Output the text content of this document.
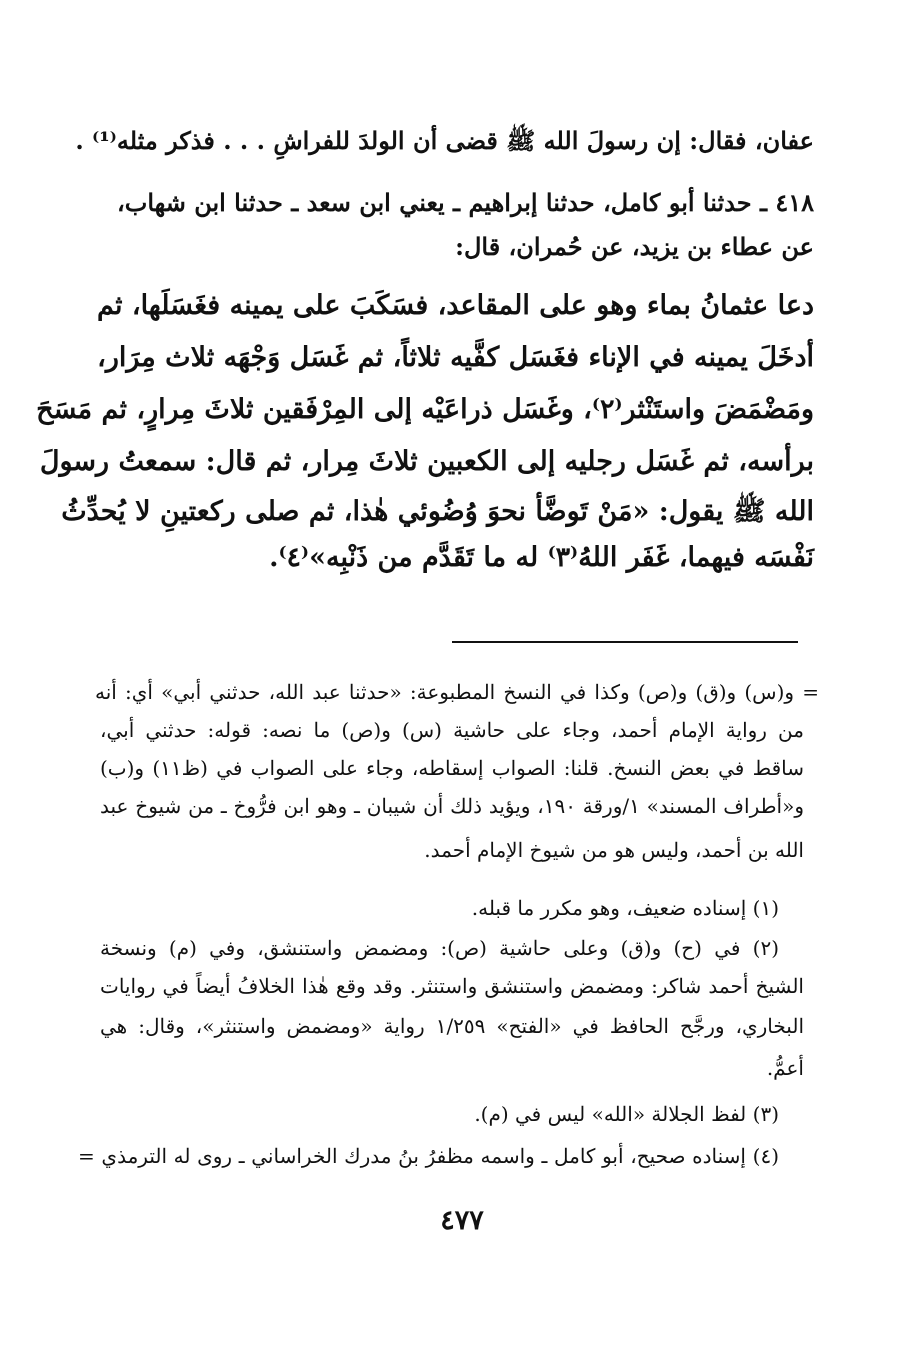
عفان، فقال: إن رسولَ الله ﷺ قضى أن الولدَ للفراشِ . . . فذكر مثله⁽¹⁾ .

٤١٨ ـ حدثنا أبو كامل، حدثنا إبراهيم ـ يعني ابن سعد ـ حدثنا ابن شهاب،

عن عطاء بن يزيد، عن حُمران، قال:

دعا عثمانُ بماء وهو على المقاعد، فسَكَبَ على يمينه فغَسَلَها، ثم

أدخَلَ يمينه في الإناء فغَسَل كفَّيه ثلاثاً، ثم غَسَل وَجْهَه ثلاث مِرَار،

ومَضْمَضَ واستَنْثر⁽٢⁾، وغَسَل ذراعَيْه إلى المِرْفَقين ثلاثَ مِرارٍ، ثم مَسَحَ

برأسه، ثم غَسَل رجليه إلى الكعبين ثلاثَ مِرار، ثم قال: سمعتُ رسولَ

الله ﷺ يقول: «مَنْ تَوضَّأ نحوَ وُضُوئي هٰذا، ثم صلى ركعتينِ لا يُحدِّثُ

نَفْسَه فيهما، غَفَر اللهُ⁽٣⁾ له ما تَقَدَّم من ذَنْبِه»⁽٤⁾.

= و(س) و(ق) و(ص) وكذا في النسخ المطبوعة: «حدثنا عبد الله، حدثني أبي» أي: أنه

من رواية الإمام أحمد، وجاء على حاشية (س) و(ص) ما نصه: قوله: حدثني أبي،

ساقط في بعض النسخ. قلنا: الصواب إسقاطه، وجاء على الصواب في (ظ١١) و(ب)

و«أطراف المسند» ١/ورقة ١٩٠، ويؤيد ذلك أن شيبان ـ وهو ابن فرُّوخ ـ من شيوخ عبد

الله بن أحمد، وليس هو من شيوخ الإمام أحمد.

(١) إسناده ضعيف، وهو مكرر ما قبله.

(٢) في (ح) و(ق) وعلى حاشية (ص): ومضمض واستنشق، وفي (م) ونسخة

الشيخ أحمد شاكر: ومضمض واستنشق واستنثر. وقد وقع هٰذا الخلافُ أيضاً في روايات

البخاري، ورجَّح الحافظ في «الفتح» ١/٢٥٩ رواية «ومضمض واستنثر»، وقال: هي

أعمُّ.

(٣) لفظ الجلالة «الله» ليس في (م).

(٤) إسناده صحيح، أبو كامل ـ واسمه مظفرُ بنُ مدرك الخراساني ـ روى له الترمذي =

٤٧٧
